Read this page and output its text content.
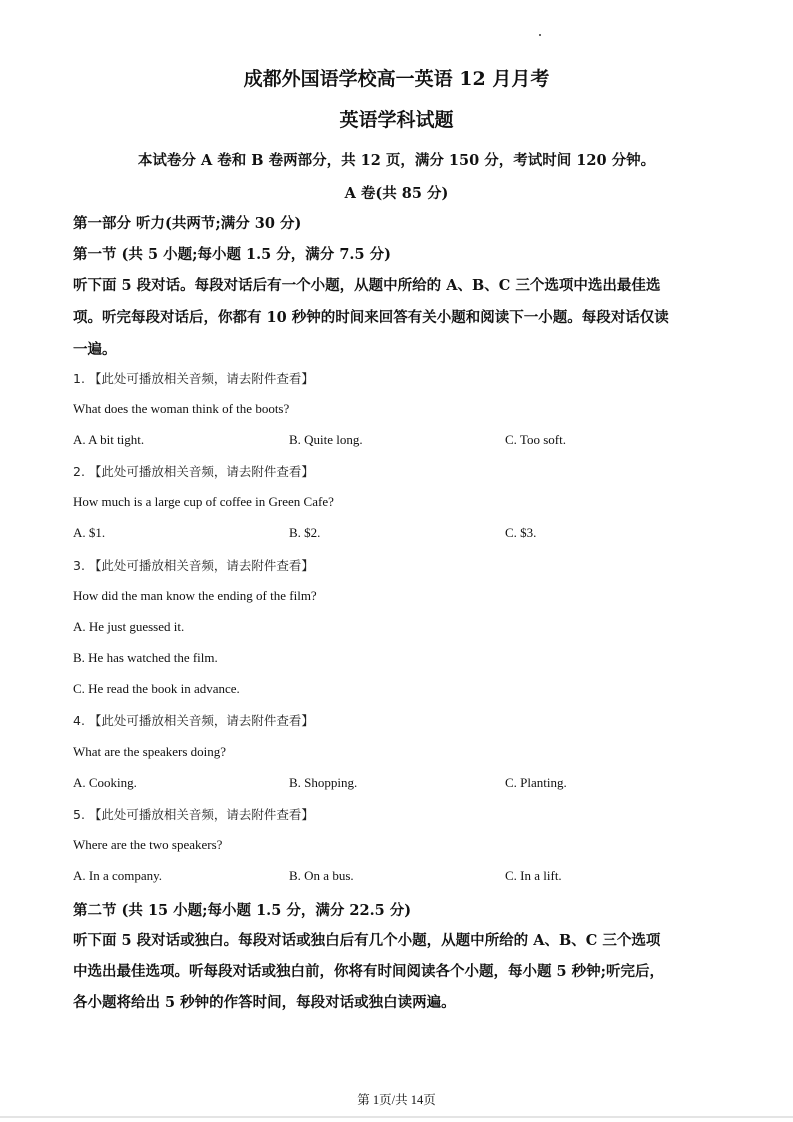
成都外国语学校高一英语 12 月月考
英语学科试题
本试卷分 A 卷和 B 卷两部分，共 12 页，满分 150 分，考试时间 120 分钟。
A 卷(共 85 分)
第一部分 听力(共两节;满分 30 分)
第一节 (共 5 小题;每小题 1.5 分，满分 7.5 分)
听下面 5 段对话。每段对话后有一个小题，从题中所给的 A、B、C 三个选项中选出最佳选
项。听完每段对话后，你都有 10 秒钟的时间来回答有关小题和阅读下一小题。每段对话仅读
一遍。
1. 【此处可播放相关音频，请去附件查看】
What does the woman think of the boots?
A. A bit tight.	B. Quite long.	C. Too soft.
2. 【此处可播放相关音频，请去附件查看】
How much is a large cup of coffee in Green Cafe?
A. $1.	B. $2.	C. $3.
3. 【此处可播放相关音频，请去附件查看】
How did the man know the ending of the film?
A. He just guessed it.
B. He has watched the film.
C. He read the book in advance.
4. 【此处可播放相关音频，请去附件查看】
What are the speakers doing?
A. Cooking.	B. Shopping.	C. Planting.
5. 【此处可播放相关音频，请去附件查看】
Where are the two speakers?
A. In a company.	B. On a bus.	C. In a lift.
第二节 (共 15 小题;每小题 1.5 分，满分 22.5 分)
听下面 5 段对话或独白。每段对话或独白后有几个小题，从题中所给的 A、B、C 三个选项
中选出最佳选项。听每段对话或独白前，你将有时间阅读各个小题，每小题 5 秒钟;听完后，
各小题将给出 5 秒钟的作答时间，每段对话或独白读两遍。
第 1页/共 14页
